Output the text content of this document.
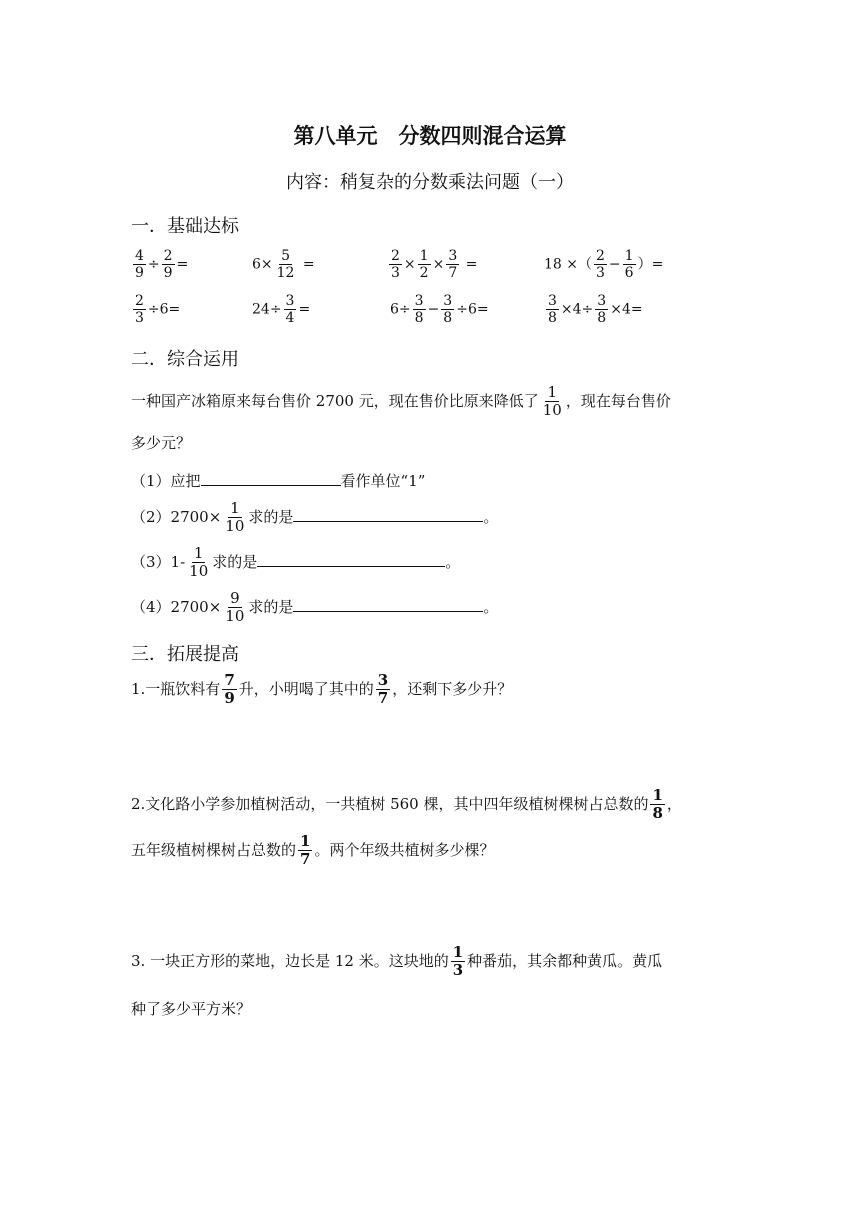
第八单元　分数四则混合运算
内容：稍复杂的分数乘法问题（一）
一．基础达标
$\frac{4}{9} \div \frac{2}{9}$ =	$6\times \frac{5}{12}$ =	$\frac{2}{3} \times \frac{1}{2} \times \frac{3}{7}$ =	18 ×（ $\frac{2}{3} - \frac{1}{6}$ ）=
$\frac{2}{3} \div 6=$	$24\div \frac{3}{4}$ =	$6\div \frac{3}{8} - \frac{3}{8} \div 6=$	$\frac{3}{8} \times 4\div \frac{3}{8} \times 4=$
二．综合运用
一种国产冰箱原来每台售价 2700 元，现在售价比原来降低了 $\frac{1}{10}$ ，现在每台售价
多少元？
（1）应把	看作单位“1”
$(2)2700\times \frac{1}{10}$ 求的是	。
$(3)1- \frac{1}{10}$ 求的是	。
$(4)2700\times \frac{9}{10}$ 求的是	。
三．拓展提高
1.一瓶饮料有 $\frac{7}{9}$ 升，小明喝了其中的 $\frac{3}{7}$ ，还剩下多少升？
2.文化路小学参加植树活动，一共植树 560 棵，其中四年级植树棵树占总数的 $\frac{1}{8}$ ，
五年级植树棵树占总数的 $\frac{1}{7}$ 。两个年级共植树多少棵？
3. 一块正方形的菜地，边长是 12 米。这块地的 $\frac{1}{3}$ 种番茄，其余都种黄瓜。黄瓜
种了多少平方米？
